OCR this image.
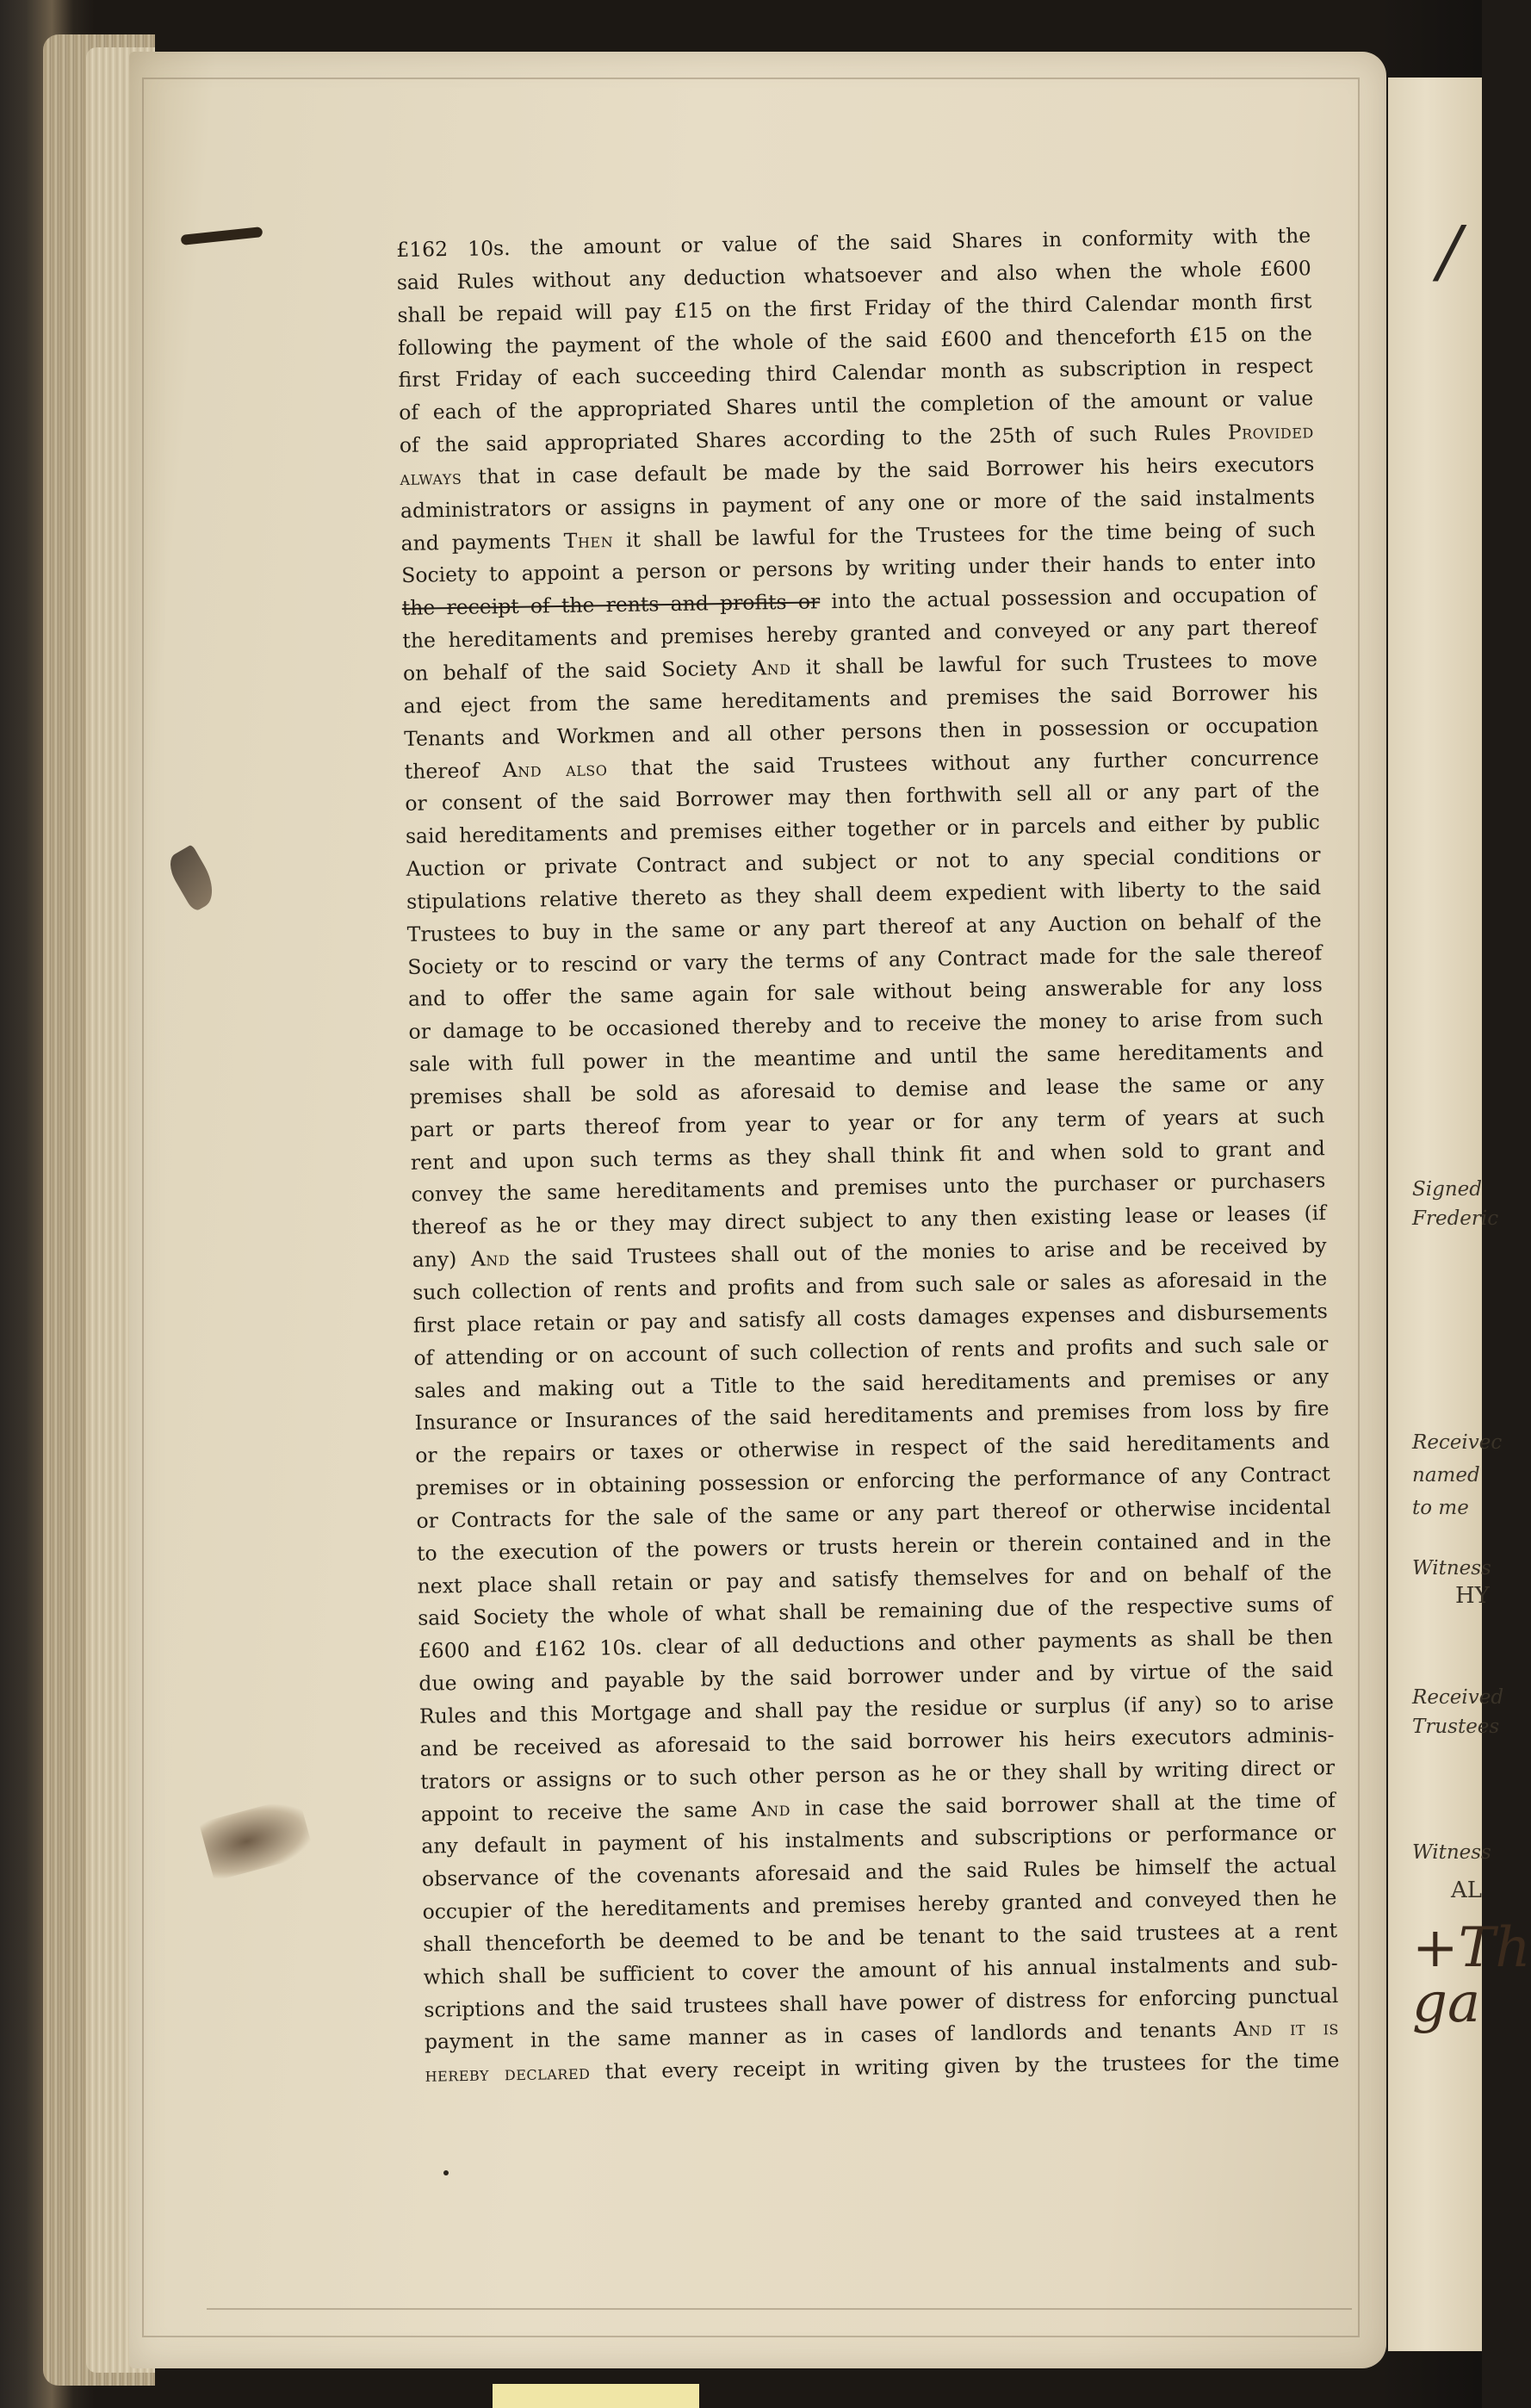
/
Signed
Frederic
Receivec
named
to me
Witness
HY
Received
Trustees
Witness
AL
+Th ga
£162 10s. the amount or value of the said Shares in conformity with the
said Rules without any deduction whatsoever and also when the whole £600
shall be repaid will pay £15 on the first Friday of the third Calendar month first
following the payment of the whole of the said £600 and thenceforth £15 on the
first Friday of each succeeding third Calendar month as subscription in respect
of each of the appropriated Shares until the completion of the amount or value
of the said appropriated Shares according to the 25th of such Rules Provided
always that in case default be made by the said Borrower his heirs executors
administrators or assigns in payment of any one or more of the said instalments
and payments Then it shall be lawful for the Trustees for the time being of such
Society to appoint a person or persons by writing under their hands to enter into
the receipt of the rents and profits or into the actual possession and occupation of
the hereditaments and premises hereby granted and conveyed or any part thereof
on behalf of the said Society And it shall be lawful for such Trustees to move
and eject from the same hereditaments and premises the said Borrower his
Tenants and Workmen and all other persons then in possession or occupation
thereof And also that the said Trustees without any further concurrence
or consent of the said Borrower may then forthwith sell all or any part of the
said hereditaments and premises either together or in parcels and either by public
Auction or private Contract and subject or not to any special conditions or
stipulations relative thereto as they shall deem expedient with liberty to the said
Trustees to buy in the same or any part thereof at any Auction on behalf of the
Society or to rescind or vary the terms of any Contract made for the sale thereof
and to offer the same again for sale without being answerable for any loss
or damage to be occasioned thereby and to receive the money to arise from such
sale with full power in the meantime and until the same hereditaments and
premises shall be sold as aforesaid to demise and lease the same or any
part or parts thereof from year to year or for any term of years at such
rent and upon such terms as they shall think fit and when sold to grant and
convey the same hereditaments and premises unto the purchaser or purchasers
thereof as he or they may direct subject to any then existing lease or leases (if
any) And the said Trustees shall out of the monies to arise and be received by
such collection of rents and profits and from such sale or sales as aforesaid in the
first place retain or pay and satisfy all costs damages expenses and disbursements
of attending or on account of such collection of rents and profits and such sale or
sales and making out a Title to the said hereditaments and premises or any
Insurance or Insurances of the said hereditaments and premises from loss by fire
or the repairs or taxes or otherwise in respect of the said hereditaments and
premises or in obtaining possession or enforcing the performance of any Contract
or Contracts for the sale of the same or any part thereof or otherwise incidental
to the execution of the powers or trusts herein or therein contained and in the
next place shall retain or pay and satisfy themselves for and on behalf of the
said Society the whole of what shall be remaining due of the respective sums of
£600 and £162 10s. clear of all deductions and other payments as shall be then
due owing and payable by the said borrower under and by virtue of the said
Rules and this Mortgage and shall pay the residue or surplus (if any) so to arise
and be received as aforesaid to the said borrower his heirs executors adminis-
trators or assigns or to such other person as he or they shall by writing direct or
appoint to receive the same And in case the said borrower shall at the time of
any default in payment of his instalments and subscriptions or performance or
observance of the covenants aforesaid and the said Rules be himself the actual
occupier of the hereditaments and premises hereby granted and conveyed then he
shall thenceforth be deemed to be and be tenant to the said trustees at a rent
which shall be sufficient to cover the amount of his annual instalments and sub-
scriptions and the said trustees shall have power of distress for enforcing punctual
payment in the same manner as in cases of landlords and tenants And it is
hereby declared that every receipt in writing given by the trustees for the time
